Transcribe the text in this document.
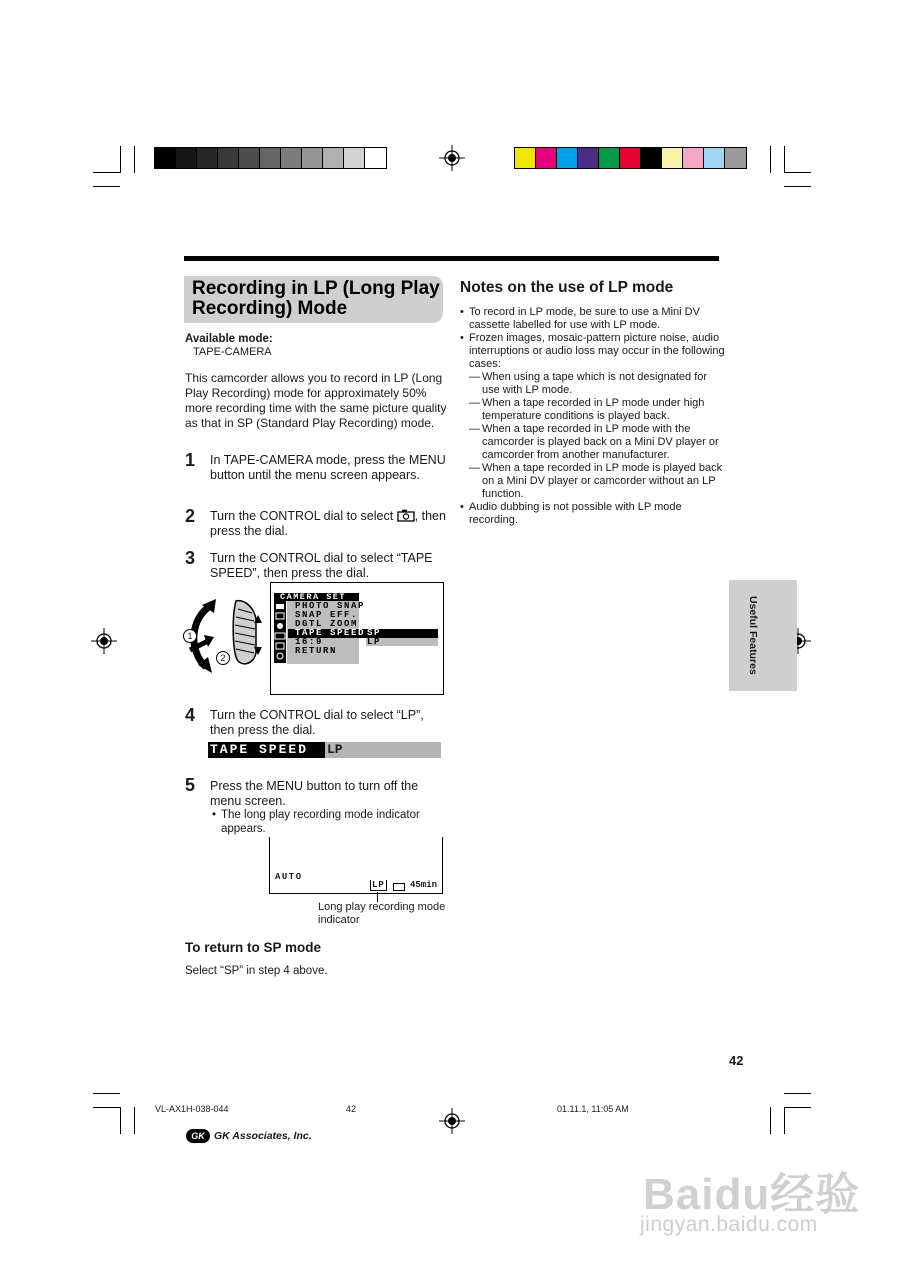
Recording in LP (Long Play Recording) Mode
Available mode:
TAPE-CAMERA
This camcorder allows you to record in LP (Long Play Recording) mode for approximately 50% more recording time with the same picture quality as that in SP (Standard Play Recording) mode.
1 In TAPE-CAMERA mode, press the MENU button until the menu screen appears.
2 Turn the CONTROL dial to select , then press the dial.
3 Turn the CONTROL dial to select “TAPE SPEED”, then press the dial.
1
2
CAMERA SET
PHOTO SNAP
SNAP EFF.
DGTL ZOOM
TAPE SPEED
16:9
RETURN
SP
LP
4 Turn the CONTROL dial to select “LP”, then press the dial.
TAPE SPEED	LP
5 Press the MENU button to turn off the menu screen.
• The long play recording mode indicator appears.
AUTO
LP	45min
Long play recording mode indicator
To return to SP mode
Select “SP” in step 4 above.
Notes on the use of LP mode
• To record in LP mode, be sure to use a Mini DV cassette labelled for use with LP mode.
• Frozen images, mosaic-pattern picture noise, audio interruptions or audio loss may occur in the following cases:
— When using a tape which is not designated for use with LP mode.
— When a tape recorded in LP mode under high temperature conditions is played back.
— When a tape recorded in LP mode with the camcorder is played back on a Mini DV player or camcorder from another manufacturer.
— When a tape recorded in LP mode is played back on a Mini DV player or camcorder without an LP function.
• Audio dubbing is not possible with LP mode recording.
Useful Features
42
VL-AX1H-038-044	42	01.11.1, 11:05 AM
GK GK Associates, Inc.
Baidu经验
jingyan.baidu.com
